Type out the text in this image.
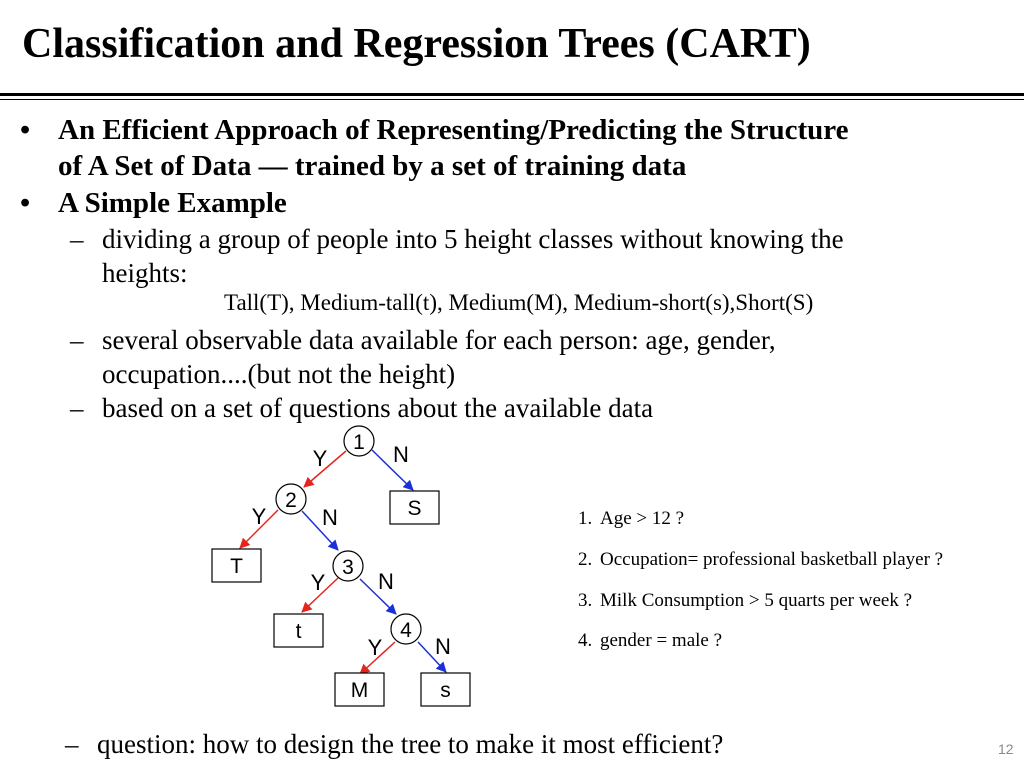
Classification and Regression Trees (CART)
• An Efficient Approach of Representing/Predicting the Structure
of A Set of Data — trained by a set of training data
• A Simple Example
– dividing a group of people into 5 height classes without knowing the
heights:
Tall(T), Medium-tall(t), Medium(M), Medium-short(s),Short(S)
– several observable data available for each person: age, gender,
occupation....(but not the height)
– based on a set of questions about the available data
Y	N
Y	N
Y N
Y N
1
2
3
4
S
T
t
M	s
1. Age > 12 ?
2. Occupation= professional basketball player ?
3. Milk Consumption > 5 quarts per week ?
4. gender = male ?
– question: how to design the tree to make it most efficient?	12
